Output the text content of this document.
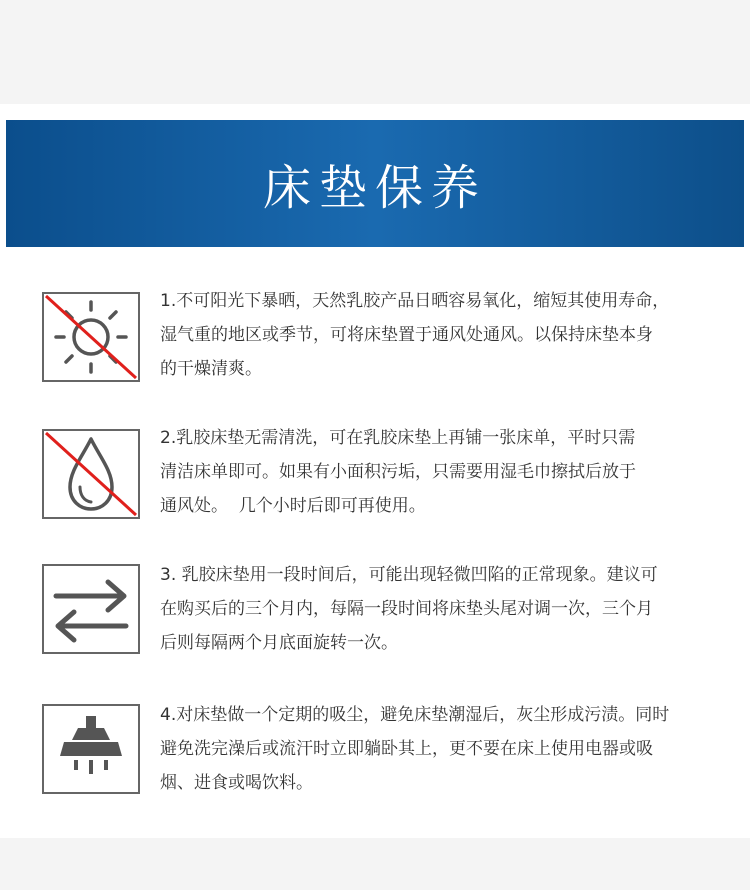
床垫保养
1.不可阳光下暴晒，天然乳胶产品日晒容易氧化，缩短其使用寿命，
湿气重的地区或季节，可将床垫置于通风处通风。以保持床垫本身
的干燥清爽。
2.乳胶床垫无需清洗，可在乳胶床垫上再铺一张床单，平时只需
清洁床单即可。如果有小面积污垢，只需要用湿毛巾擦拭后放于
通风处。  几个小时后即可再使用。
3. 乳胶床垫用一段时间后，可能出现轻微凹陷的正常现象。建议可
在购买后的三个月内，每隔一段时间将床垫头尾对调一次，三个月
后则每隔两个月底面旋转一次。
4.对床垫做一个定期的吸尘，避免床垫潮湿后，灰尘形成污渍。同时
避免洗完澡后或流汗时立即躺卧其上，更不要在床上使用电器或吸
烟、进食或喝饮料。
